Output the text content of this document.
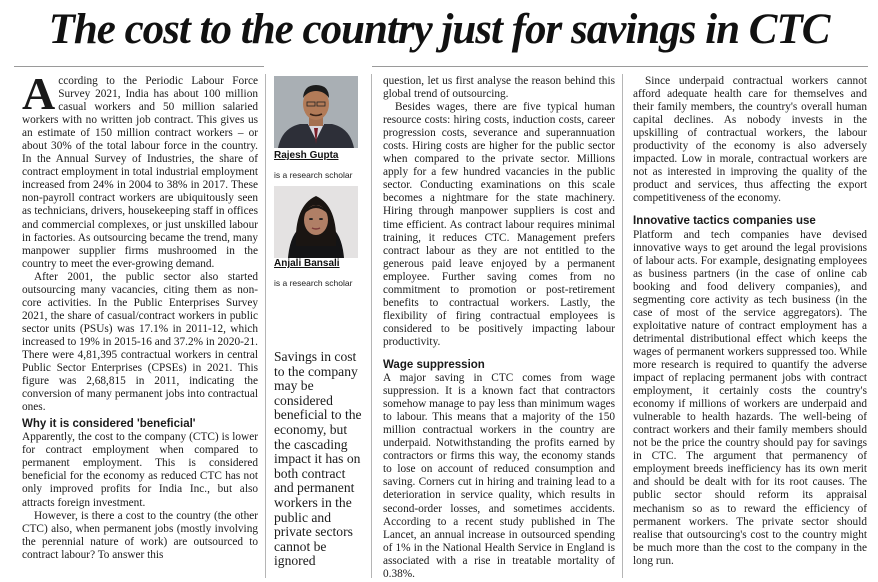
The cost to the country just for savings in CTC

A ccording to the Periodic Labour Force Survey 2021, India has about 100 million casual workers and 50 million salaried workers with no written job contract. This gives us an estimate of 150 million contract workers – or about 30% of the total labour force in the country. In the Annual Survey of Industries, the share of contract employment in total industrial employment increased from 24% in 2004 to 38% in 2017. These non-payroll contract workers are ubiquitously seen as technicians, drivers, housekeeping staff in offices and commercial complexes, or just unskilled labour in factories. As outsourcing became the trend, many manpower supplier firms mushroomed in the country to meet the ever-growing demand.

After 2001, the public sector also started outsourcing many vacancies, citing them as non-core activities. In the Public Enterprises Survey 2021, the share of casual/contract workers in public sector units (PSUs) was 17.1% in 2011-12, which increased to 19% in 2015-16 and 37.2% in 2020-21. There were 4,81,395 contractual workers in central Public Sector Enterprises (CPSEs) in 2021. This figure was 2,68,815 in 2011, indicating the conversion of many permanent jobs into contractual ones.

Why it is considered 'beneficial'

Apparently, the cost to the company (CTC) is lower for contract employment when compared to permanent employment. This is considered beneficial for the economy as reduced CTC has not only improved profits for India Inc., but also attracts foreign investment.

However, is there a cost to the country (the other CTC) also, when permanent jobs (mostly involving the perennial nature of work) are outsourced to contract labour? To answer this

Rajesh Gupta
is a research scholar
Anjali Bansali
is a research scholar
Savings in cost to the company may be considered beneficial to the economy, but the cascading impact it has on both contract and permanent workers in the public and private sectors cannot be ignored

question, let us first analyse the reason behind this global trend of outsourcing.

Besides wages, there are five typical human resource costs: hiring costs, induction costs, career progression costs, severance and superannuation costs. Hiring costs are higher for the public sector when compared to the private sector. Millions apply for a few hundred vacancies in the public sector. Conducting examinations on this scale becomes a nightmare for the state machinery. Hiring through manpower suppliers is cost and time efficient. As contract labour requires minimal training, it reduces CTC. Management prefers contract labour as they are not entitled to the generous paid leave enjoyed by a permanent employee. Further saving comes from no commitment to promotion or post-retirement benefits to contractual workers. Lastly, the flexibility of firing contractual employees is considered to be positively impacting labour productivity.

Wage suppression

A major saving in CTC comes from wage suppression. It is a known fact that contractors somehow manage to pay less than minimum wages to labour. This means that a majority of the 150 million contractual workers in the country are underpaid. Notwithstanding the profits earned by contractors or firms this way, the economy stands to lose on account of reduced consumption and saving. Corners cut in hiring and training lead to a deterioration in service quality, which results in second-order losses, and sometimes accidents. According to a recent study published in The Lancet, an annual increase in outsourced spending of 1% in the National Health Service in England is associated with a rise in treatable mortality of 0.38%.

Since underpaid contractual workers cannot afford adequate health care for themselves and their family members, the country's overall human capital declines. As nobody invests in the upskilling of contractual workers, the labour productivity of the economy is also adversely impacted. Low in morale, contractual workers are not as interested in improving the quality of the product and services, thus affecting the export competitiveness of the economy.

Innovative tactics companies use

Platform and tech companies have devised innovative ways to get around the legal provisions of labour acts. For example, designating employees as business partners (in the case of online cab booking and food delivery companies), and segmenting core activity as tech business (in the case of most of the service aggregators). The exploitative nature of contract employment has a detrimental distributional effect which keeps the wages of permanent workers suppressed too. While more research is required to quantify the adverse impact of replacing permanent jobs with contract employment, it certainly costs the country's economy if millions of workers are underpaid and vulnerable to health hazards. The well-being of contract workers and their family members should not be the price the country should pay for savings in CTC. The argument that permanency of employment breeds inefficiency has its own merit and should be dealt with for its root causes. The public sector should reform its appraisal mechanism so as to reward the efficiency of permanent workers. The private sector should realise that outsourcing's cost to the country might be much more than the cost to the company in the long run.
